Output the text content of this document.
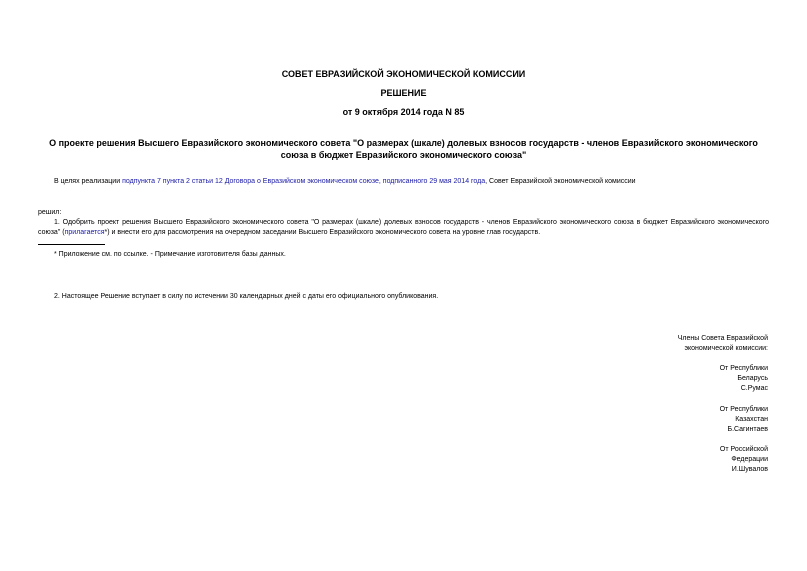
СОВЕТ ЕВРАЗИЙСКОЙ ЭКОНОМИЧЕСКОЙ КОМИССИИ
РЕШЕНИЕ
от 9 октября 2014 года N 85
О проекте решения Высшего Евразийского экономического совета "О размерах (шкале) долевых взносов государств - членов Евразийского экономического союза в бюджет Евразийского экономического союза"
В целях реализации подпункта 7 пункта 2 статьи 12 Договора о Евразийском экономическом союзе, подписанного 29 мая 2014 года, Совет Евразийской экономической комиссии
решил:
1. Одобрить проект решения Высшего Евразийского экономического совета "О размерах (шкале) долевых взносов государств - членов Евразийского экономического союза в бюджет Евразийского экономического союза" (прилагается*) и внести его для рассмотрения на очередном заседании Высшего Евразийского экономического совета на уровне глав государств.
* Приложение см. по ссылке. - Примечание изготовителя базы данных.
2. Настоящее Решение вступает в силу по истечении 30 календарных дней с даты его официального опубликования.
Члены Совета Евразийской
экономической комиссии:
От Республики
Беларусь
С.Румас
От Республики
Казахстан
Б.Сагинтаев
От Российской
Федерации
И.Шувалов
